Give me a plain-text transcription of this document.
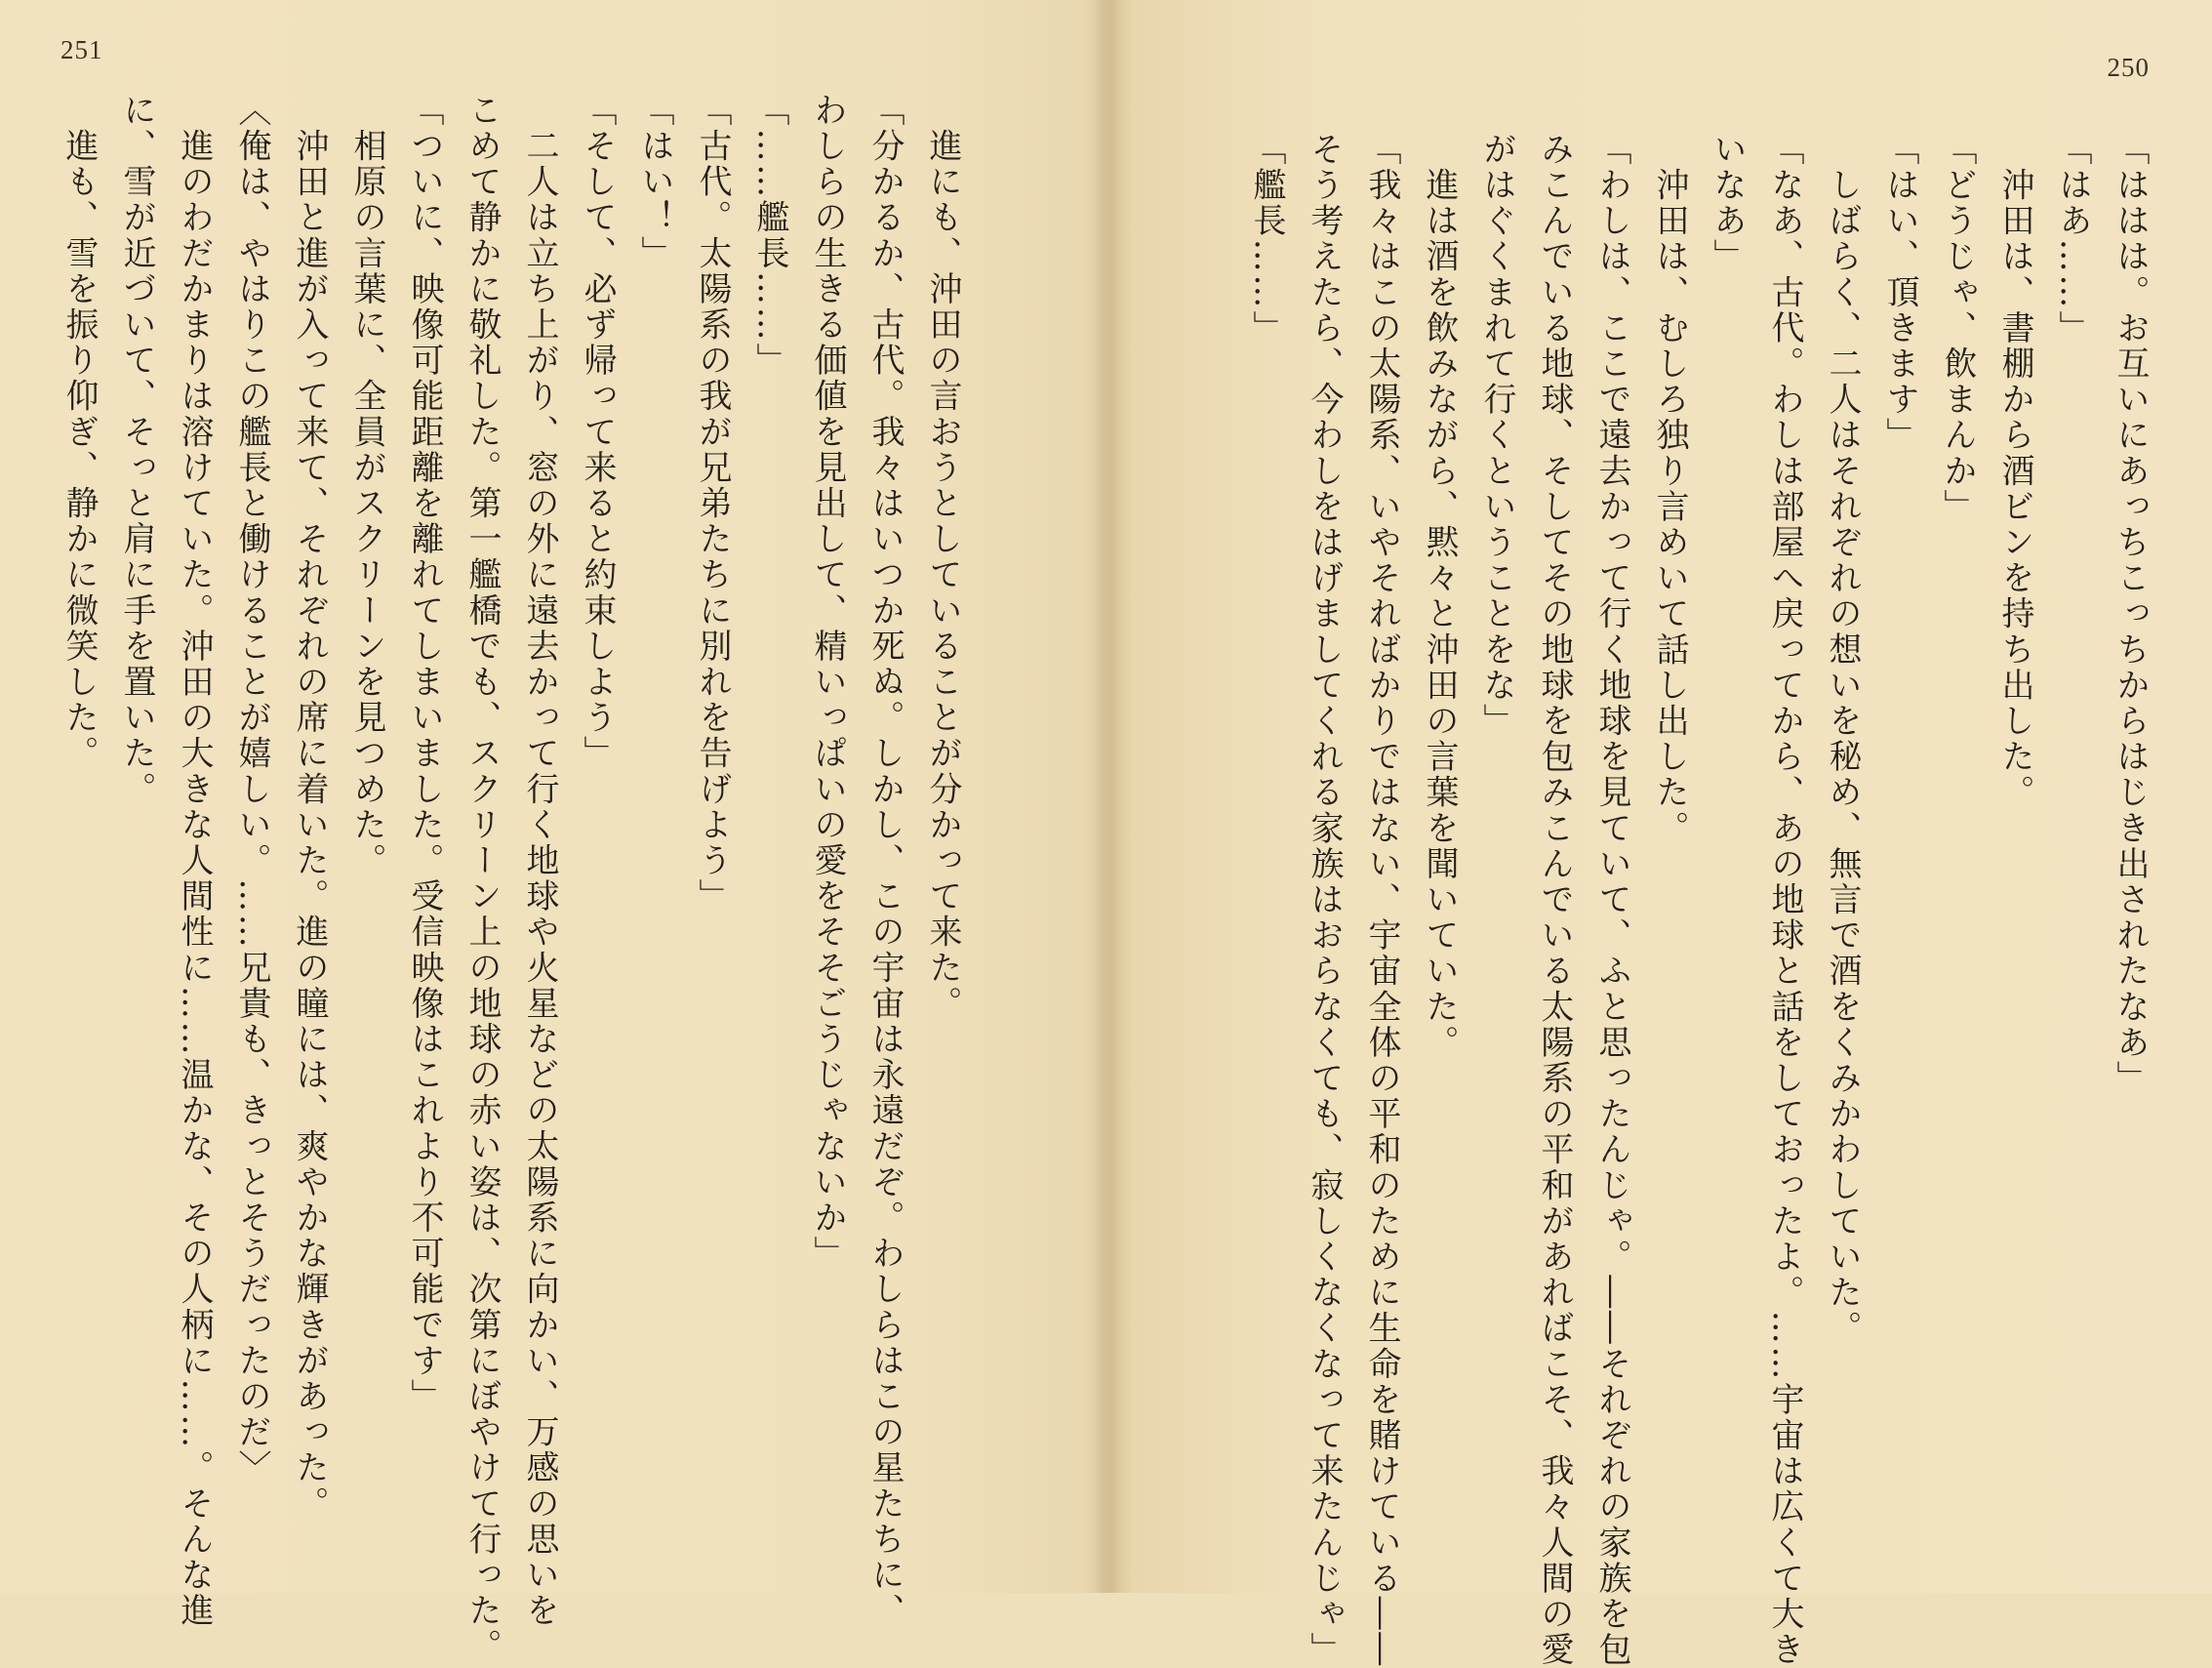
251
　進にも、沖田の言おうとしていることが分かって来た。
「分かるか、古代。我々はいつか死ぬ。しかし、この宇宙は永遠だぞ。わしらはこの星たちに、
わしらの生きる価値を見出して、精いっぱいの愛をそそごうじゃないか」
「……艦長……」
「古代。太陽系の我が兄弟たちに別れを告げよう」
「はい！」
「そして、必ず帰って来ると約束しよう」
　二人は立ち上がり、窓の外に遠去かって行く地球や火星などの太陽系に向かい、万感の思いを
こめて静かに敬礼した。第一艦橋でも、スクリーン上の地球の赤い姿は、次第にぼやけて行った。
「ついに、映像可能距離を離れてしまいました。受信映像はこれより不可能です」
　相原の言葉に、全員がスクリーンを見つめた。
　沖田と進が入って来て、それぞれの席に着いた。進の瞳には、爽やかな輝きがあった。
〈俺は、やはりこの艦長と働けることが嬉しい。……兄貴も、きっとそうだったのだ〉
　進のわだかまりは溶けていた。沖田の大きな人間性に……温かな、その人柄に……。そんな進
に、雪が近づいて、そっと肩に手を置いた。
　進も、雪を振り仰ぎ、静かに微笑した。
250
「ははは。お互いにあっちこっちからはじき出されたなあ」
「はあ……」
　沖田は、書棚から酒ビンを持ち出した。
「どうじゃ、飲まんか」
「はい、頂きます」
　しばらく、二人はそれぞれの想いを秘め、無言で酒をくみかわしていた。
「なあ、古代。わしは部屋へ戻ってから、あの地球と話をしておったよ。……宇宙は広くて大き
いなあ」
　沖田は、むしろ独り言めいて話し出した。
「わしは、ここで遠去かって行く地球を見ていて、ふと思ったんじゃ。――それぞれの家族を包
みこんでいる地球、そしてその地球を包みこんでいる太陽系の平和があればこそ、我々人間の愛
がはぐくまれて行くということをな」
　進は酒を飲みながら、黙々と沖田の言葉を聞いていた。
「我々はこの太陽系、いやそればかりではない、宇宙全体の平和のために生命を賭けている――
そう考えたら、今わしをはげましてくれる家族はおらなくても、寂しくなくなって来たんじゃ」
「艦長……」
